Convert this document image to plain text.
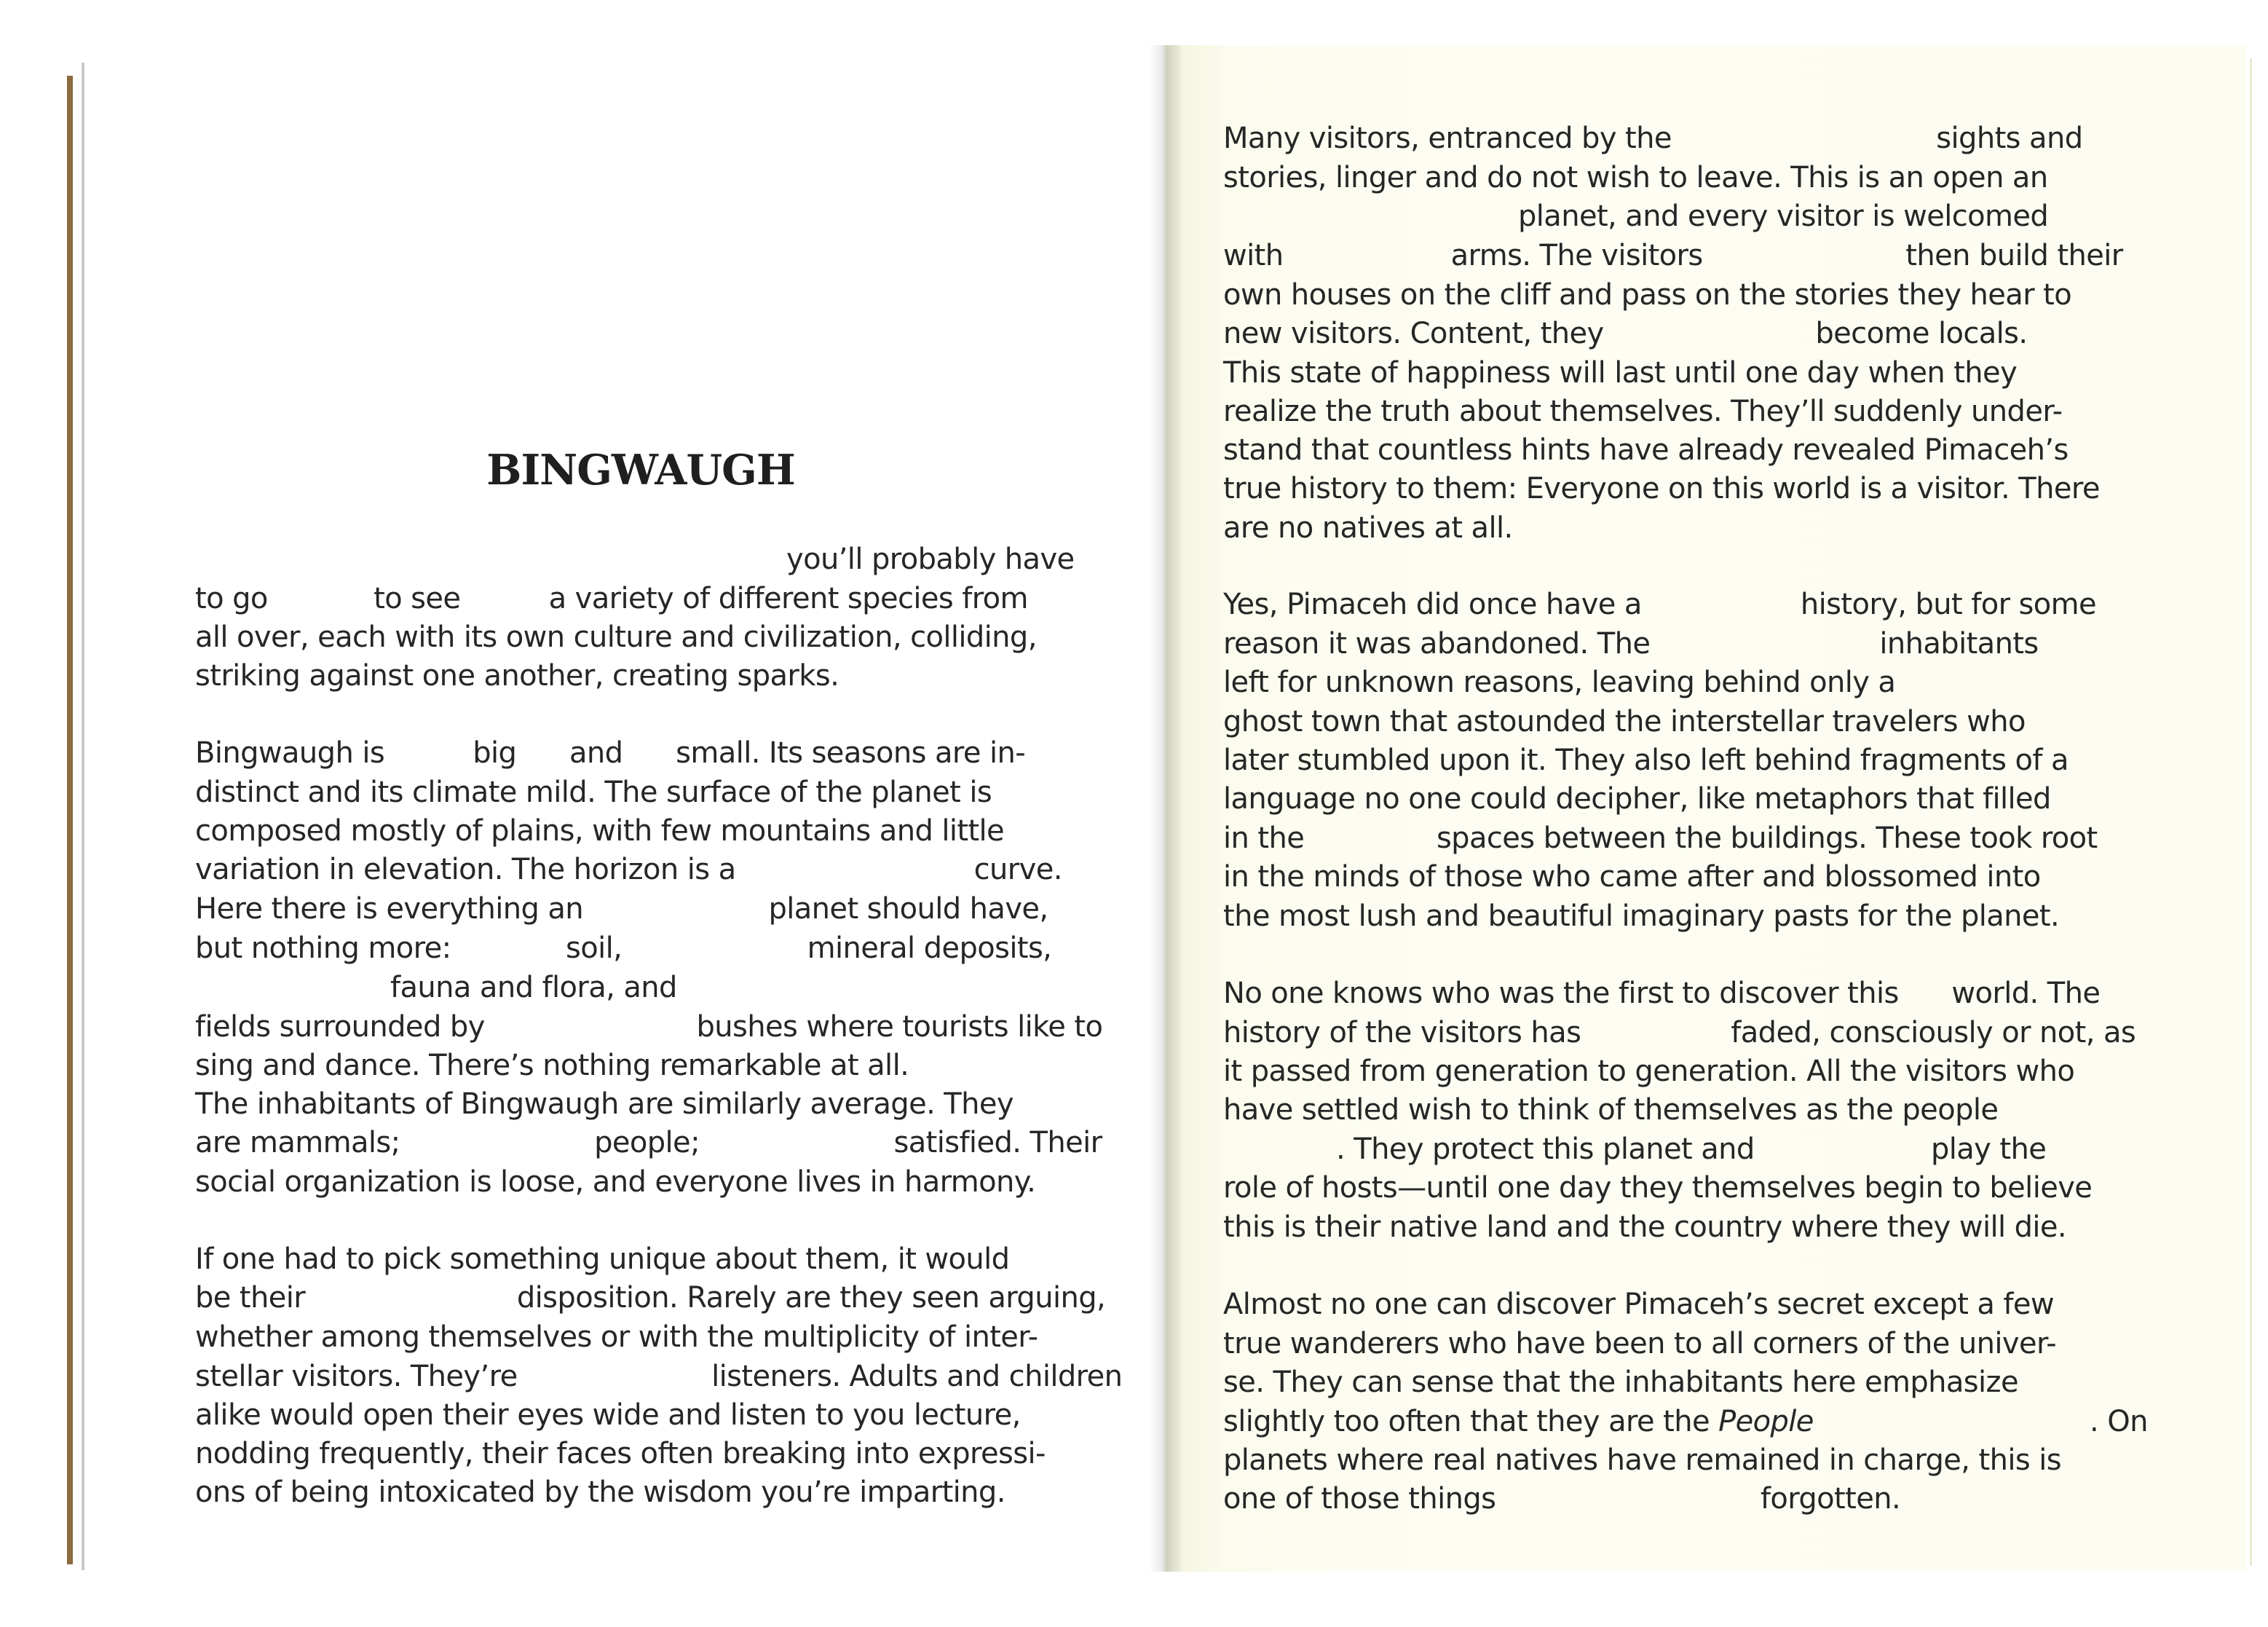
BINGWAUGH
you’ll probably have
to go            to see          a variety of different species from
all over, each with its own culture and civilization, colliding,
striking against one another, creating sparks.
Bingwaugh is          big      and      small. Its seasons are in-
distinct and its climate mild. The surface of the planet is
composed mostly of plains, with few mountains and little
variation in elevation. The horizon is a                           curve.
Here there is everything an                     planet should have,
but nothing more:             soil,                     mineral deposits,
fauna and flora, and
fields surrounded by                        bushes where tourists like to
sing and dance. There’s nothing remarkable at all.
The inhabitants of Bingwaugh are similarly average. They
are mammals;                      people;                      satisfied. Their
social organization is loose, and everyone lives in harmony.
If one had to pick something unique about them, it would
be their                        disposition. Rarely are they seen arguing,
whether among themselves or with the multiplicity of inter-
stellar visitors. They’re                      listeners. Adults and children
alike would open their eyes wide and listen to you lecture,
nodding frequently, their faces often breaking into expressi-
ons of being intoxicated by the wisdom you’re imparting.
Many visitors, entranced by the                              sights and
stories, linger and do not wish to leave. This is an open an
planet, and every visitor is welcomed
with                   arms. The visitors                       then build their
own houses on the cliff and pass on the stories they hear to
new visitors. Content, they                        become locals.
This state of happiness will last until one day when they
realize the truth about themselves. They’ll suddenly under-
stand that countless hints have already revealed Pimaceh’s
true history to them: Everyone on this world is a visitor. There
are no natives at all.
Yes, Pimaceh did once have a                  history, but for some
reason it was abandoned. The                          inhabitants
left for unknown reasons, leaving behind only a
ghost town that astounded the interstellar travelers who
later stumbled upon it. They also left behind fragments of a
language no one could decipher, like metaphors that filled
in the               spaces between the buildings. These took root
in the minds of those who came after and blossomed into
the most lush and beautiful imaginary pasts for the planet.
No one knows who was the first to discover this      world. The
history of the visitors has                 faded, consciously or not, as
it passed from generation to generation. All the visitors who
have settled wish to think of themselves as the people
. They protect this planet and                    play the
role of hosts—until one day they themselves begin to believe
this is their native land and the country where they will die.
Almost no one can discover Pimaceh’s secret except a few
true wanderers who have been to all corners of the univer-
se. They can sense that the inhabitants here emphasize
slightly too often that they are the People	. On
planets where real natives have remained in charge, this is
one of those things                              forgotten.
